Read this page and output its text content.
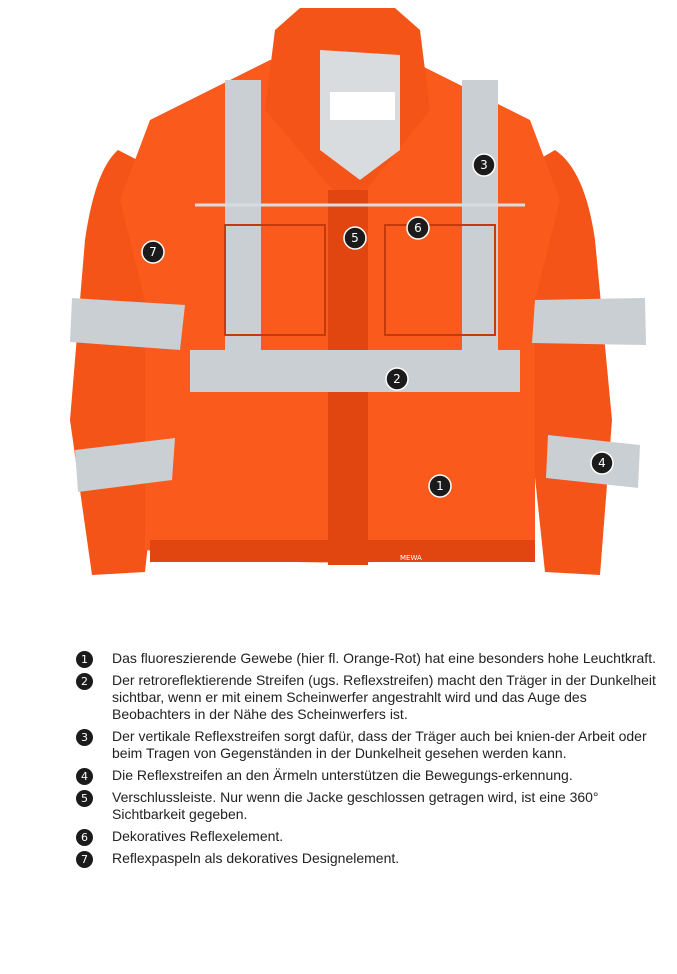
MEWA
1
2
3
4
5
6
7
1	Das fluoreszierende Gewebe (hier fl. Orange-Rot) hat eine besonders hohe Leuchtkraft.
2	Der retroreflektierende Streifen (ugs. Reflexstreifen) macht den Träger in der Dunkelheit sichtbar, wenn er mit einem Scheinwerfer angestrahlt wird und das Auge des Beobachters in der Nähe des Scheinwerfers ist.
3	Der vertikale Reflexstreifen sorgt dafür, dass der Träger auch bei knien-der Arbeit oder beim Tragen von Gegenständen in der Dunkelheit gesehen werden kann.
4	Die Reflexstreifen an den Ärmeln unterstützen die Bewegungs-erkennung.
5	Verschlussleiste. Nur wenn die Jacke geschlossen getragen wird, ist eine 360° Sichtbarkeit gegeben.
6	Dekoratives Reflexelement.
7	Reflexpaspeln als dekoratives Designelement.
